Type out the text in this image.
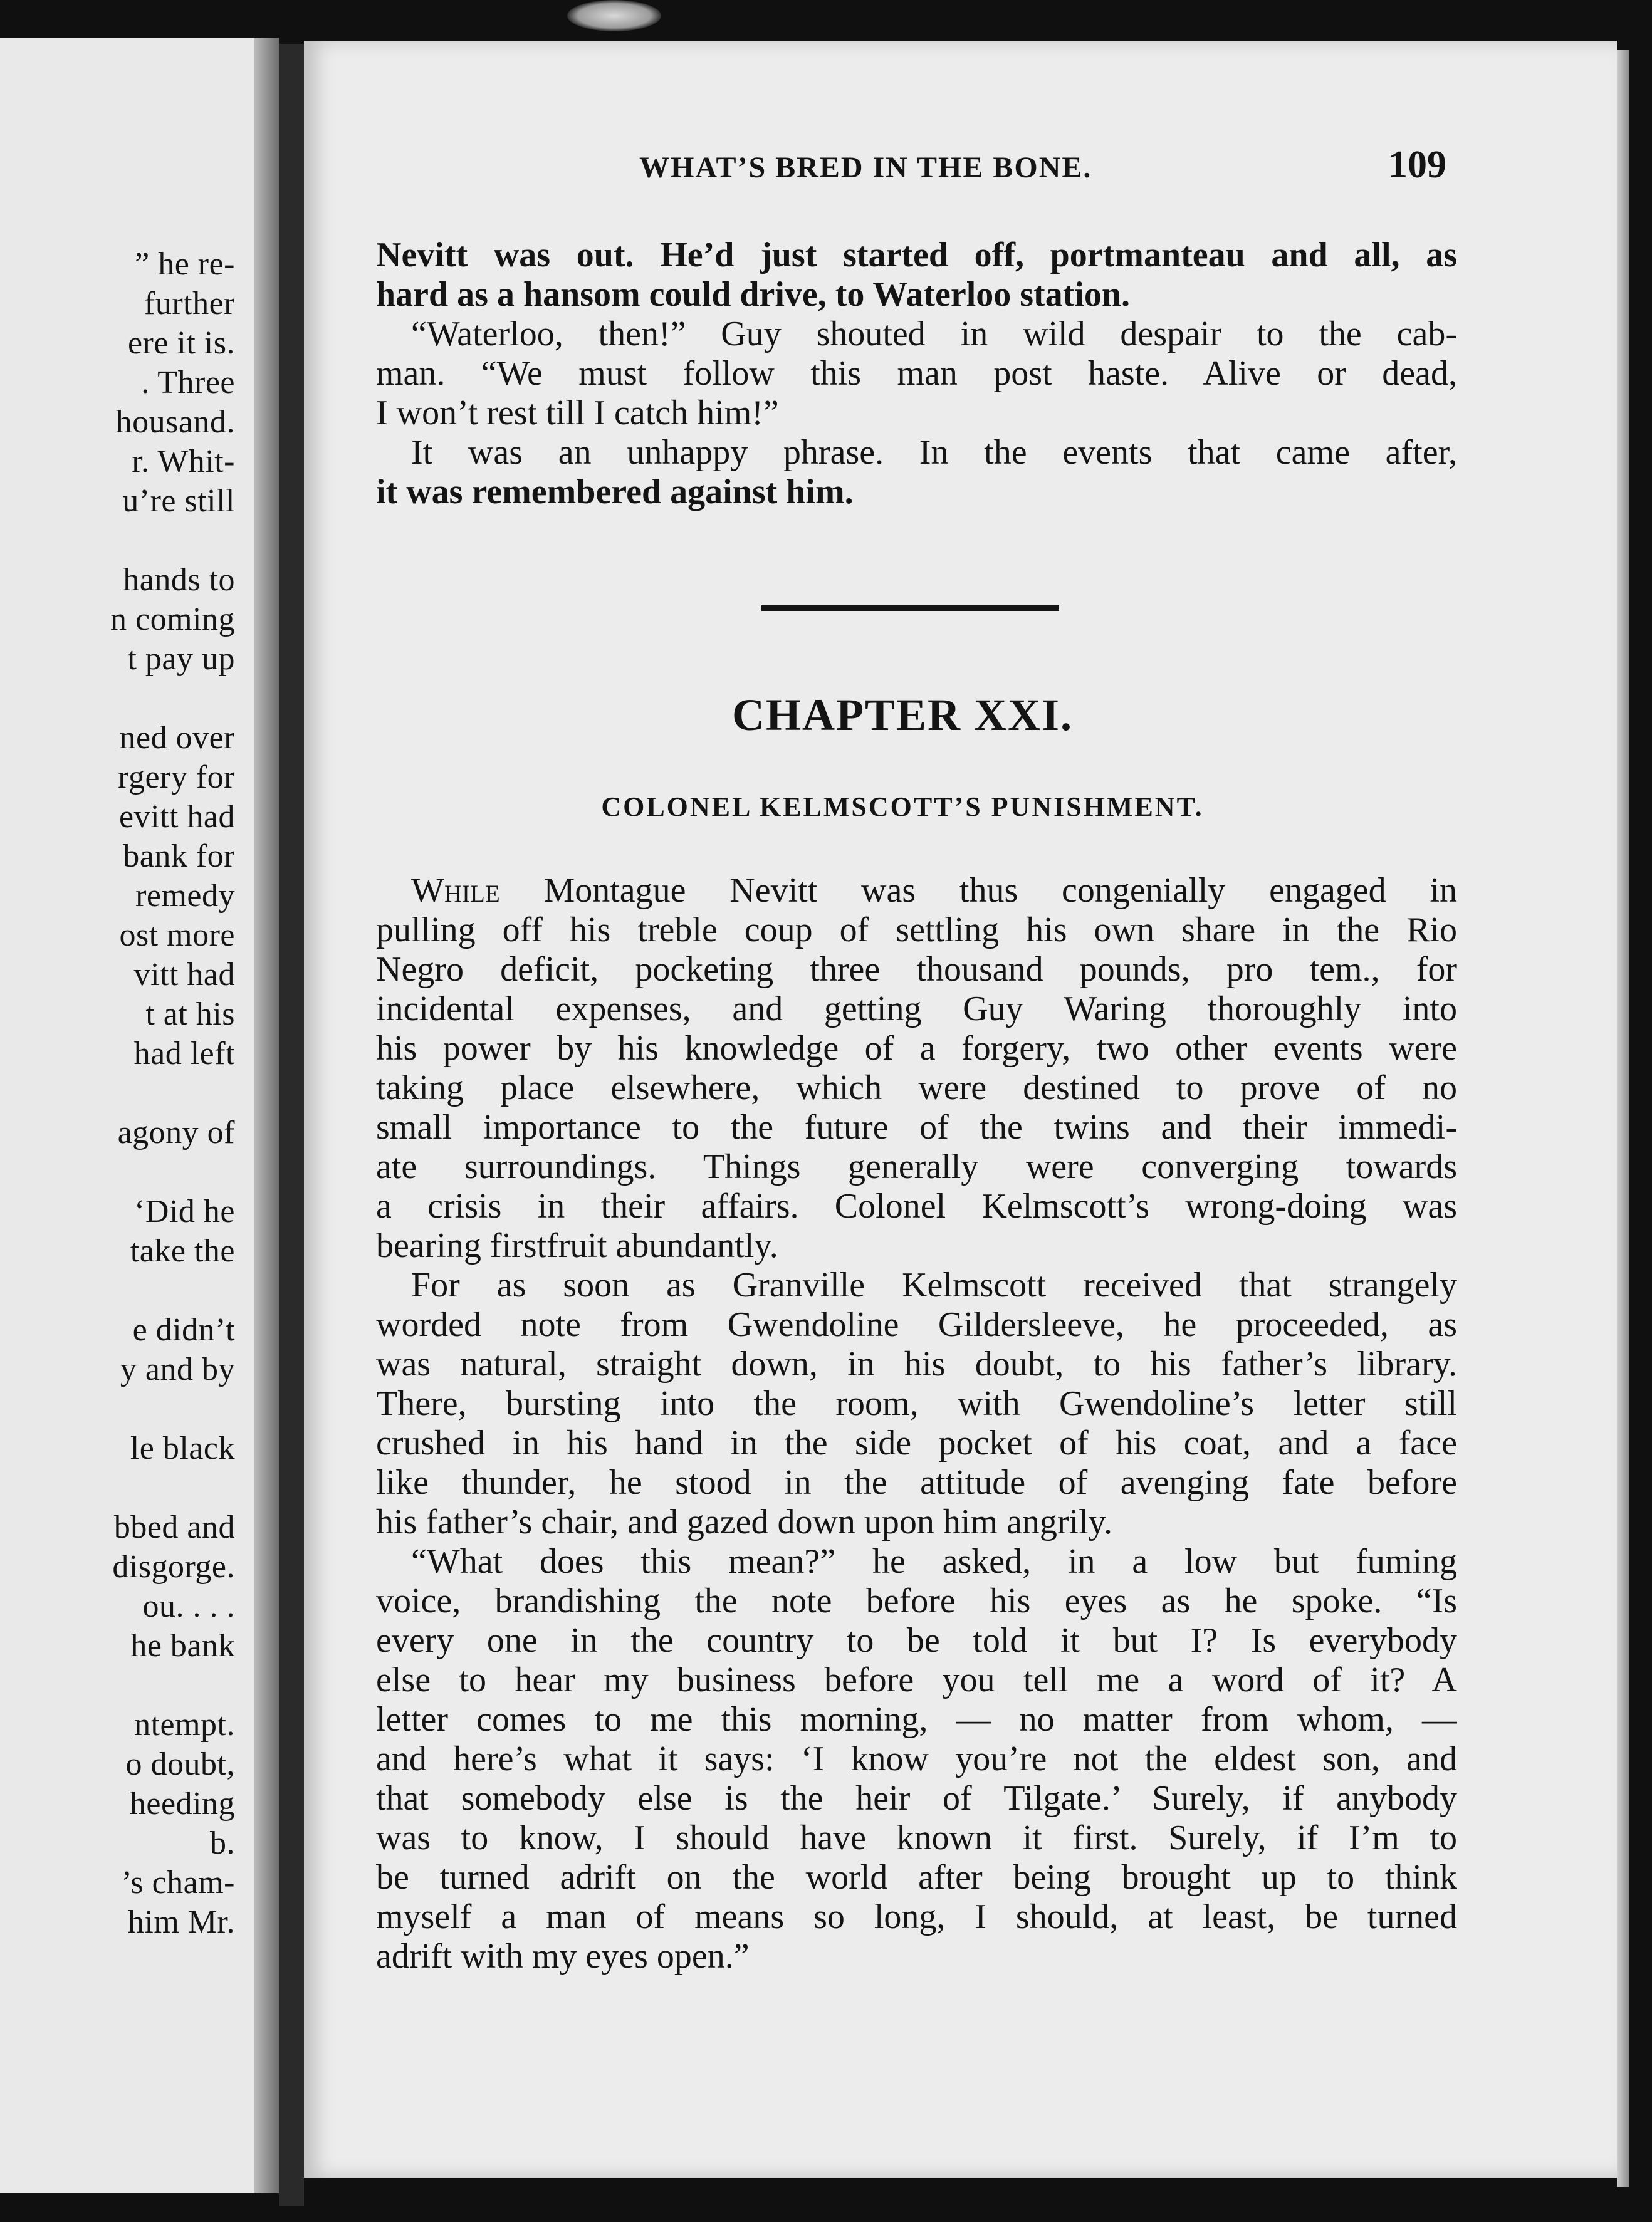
” he re-
further
ere it is.
. Three
housand.
r. Whit-
u’re still
hands to
n coming
t pay up
ned over
rgery for
evitt had
bank for
remedy
ost more
vitt had
t at his
had left
agony of
‘Did he
take the
e didn’t
y and by
le black
bbed and
disgorge.
ou. . . .
he bank
ntempt.
o doubt,
heeding
b.
’s cham-
him Mr.
WHAT’S BRED IN THE BONE.	109
Nevitt was out. He’d just started off, portmanteau and all, as
hard as a hansom could drive, to Waterloo station.
“Waterloo, then!” Guy shouted in wild despair to the cab-
man. “We must follow this man post haste. Alive or dead,
I won’t rest till I catch him!”
It was an unhappy phrase. In the events that came after,
it was remembered against him.
CHAPTER XXI.
COLONEL KELMSCOTT’S PUNISHMENT.
While Montague Nevitt was thus congenially engaged in
pulling off his treble coup of settling his own share in the Rio
Negro deficit, pocketing three thousand pounds, pro tem., for
incidental expenses, and getting Guy Waring thoroughly into
his power by his knowledge of a forgery, two other events were
taking place elsewhere, which were destined to prove of no
small importance to the future of the twins and their immedi-
ate surroundings. Things generally were converging towards
a crisis in their affairs. Colonel Kelmscott’s wrong-doing was
bearing firstfruit abundantly.
For as soon as Granville Kelmscott received that strangely
worded note from Gwendoline Gildersleeve, he proceeded, as
was natural, straight down, in his doubt, to his father’s library.
There, bursting into the room, with Gwendoline’s letter still
crushed in his hand in the side pocket of his coat, and a face
like thunder, he stood in the attitude of avenging fate before
his father’s chair, and gazed down upon him angrily.
“What does this mean?” he asked, in a low but fuming
voice, brandishing the note before his eyes as he spoke. “Is
every one in the country to be told it but I? Is everybody
else to hear my business before you tell me a word of it? A
letter comes to me this morning, — no matter from whom, —
and here’s what it says: ‘I know you’re not the eldest son, and
that somebody else is the heir of Tilgate.’ Surely, if anybody
was to know, I should have known it first. Surely, if I’m to
be turned adrift on the world after being brought up to think
myself a man of means so long, I should, at least, be turned
adrift with my eyes open.”
